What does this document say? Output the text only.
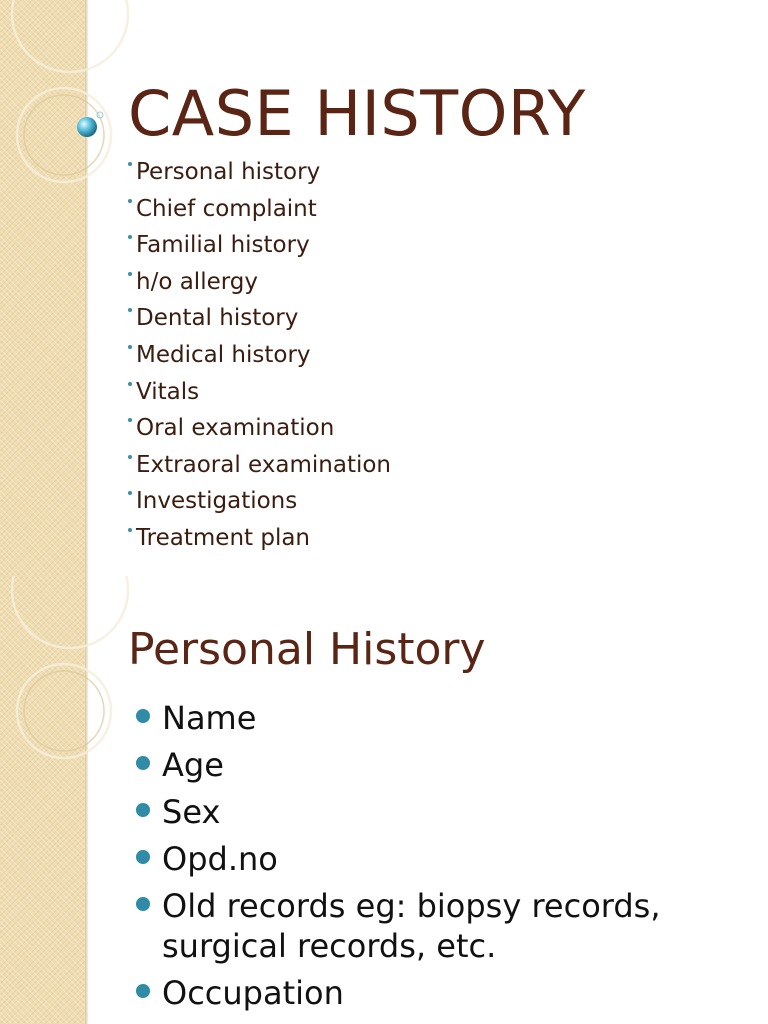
CASE HISTORY
Personal history
Chief complaint
Familial history
h/o allergy
Dental history
Medical history
Vitals
Oral examination
Extraoral examination
Investigations
Treatment plan
Personal History
Name
Age
Sex
Opd.no
Old records eg: biopsy records, surgical records, etc.
Occupation
